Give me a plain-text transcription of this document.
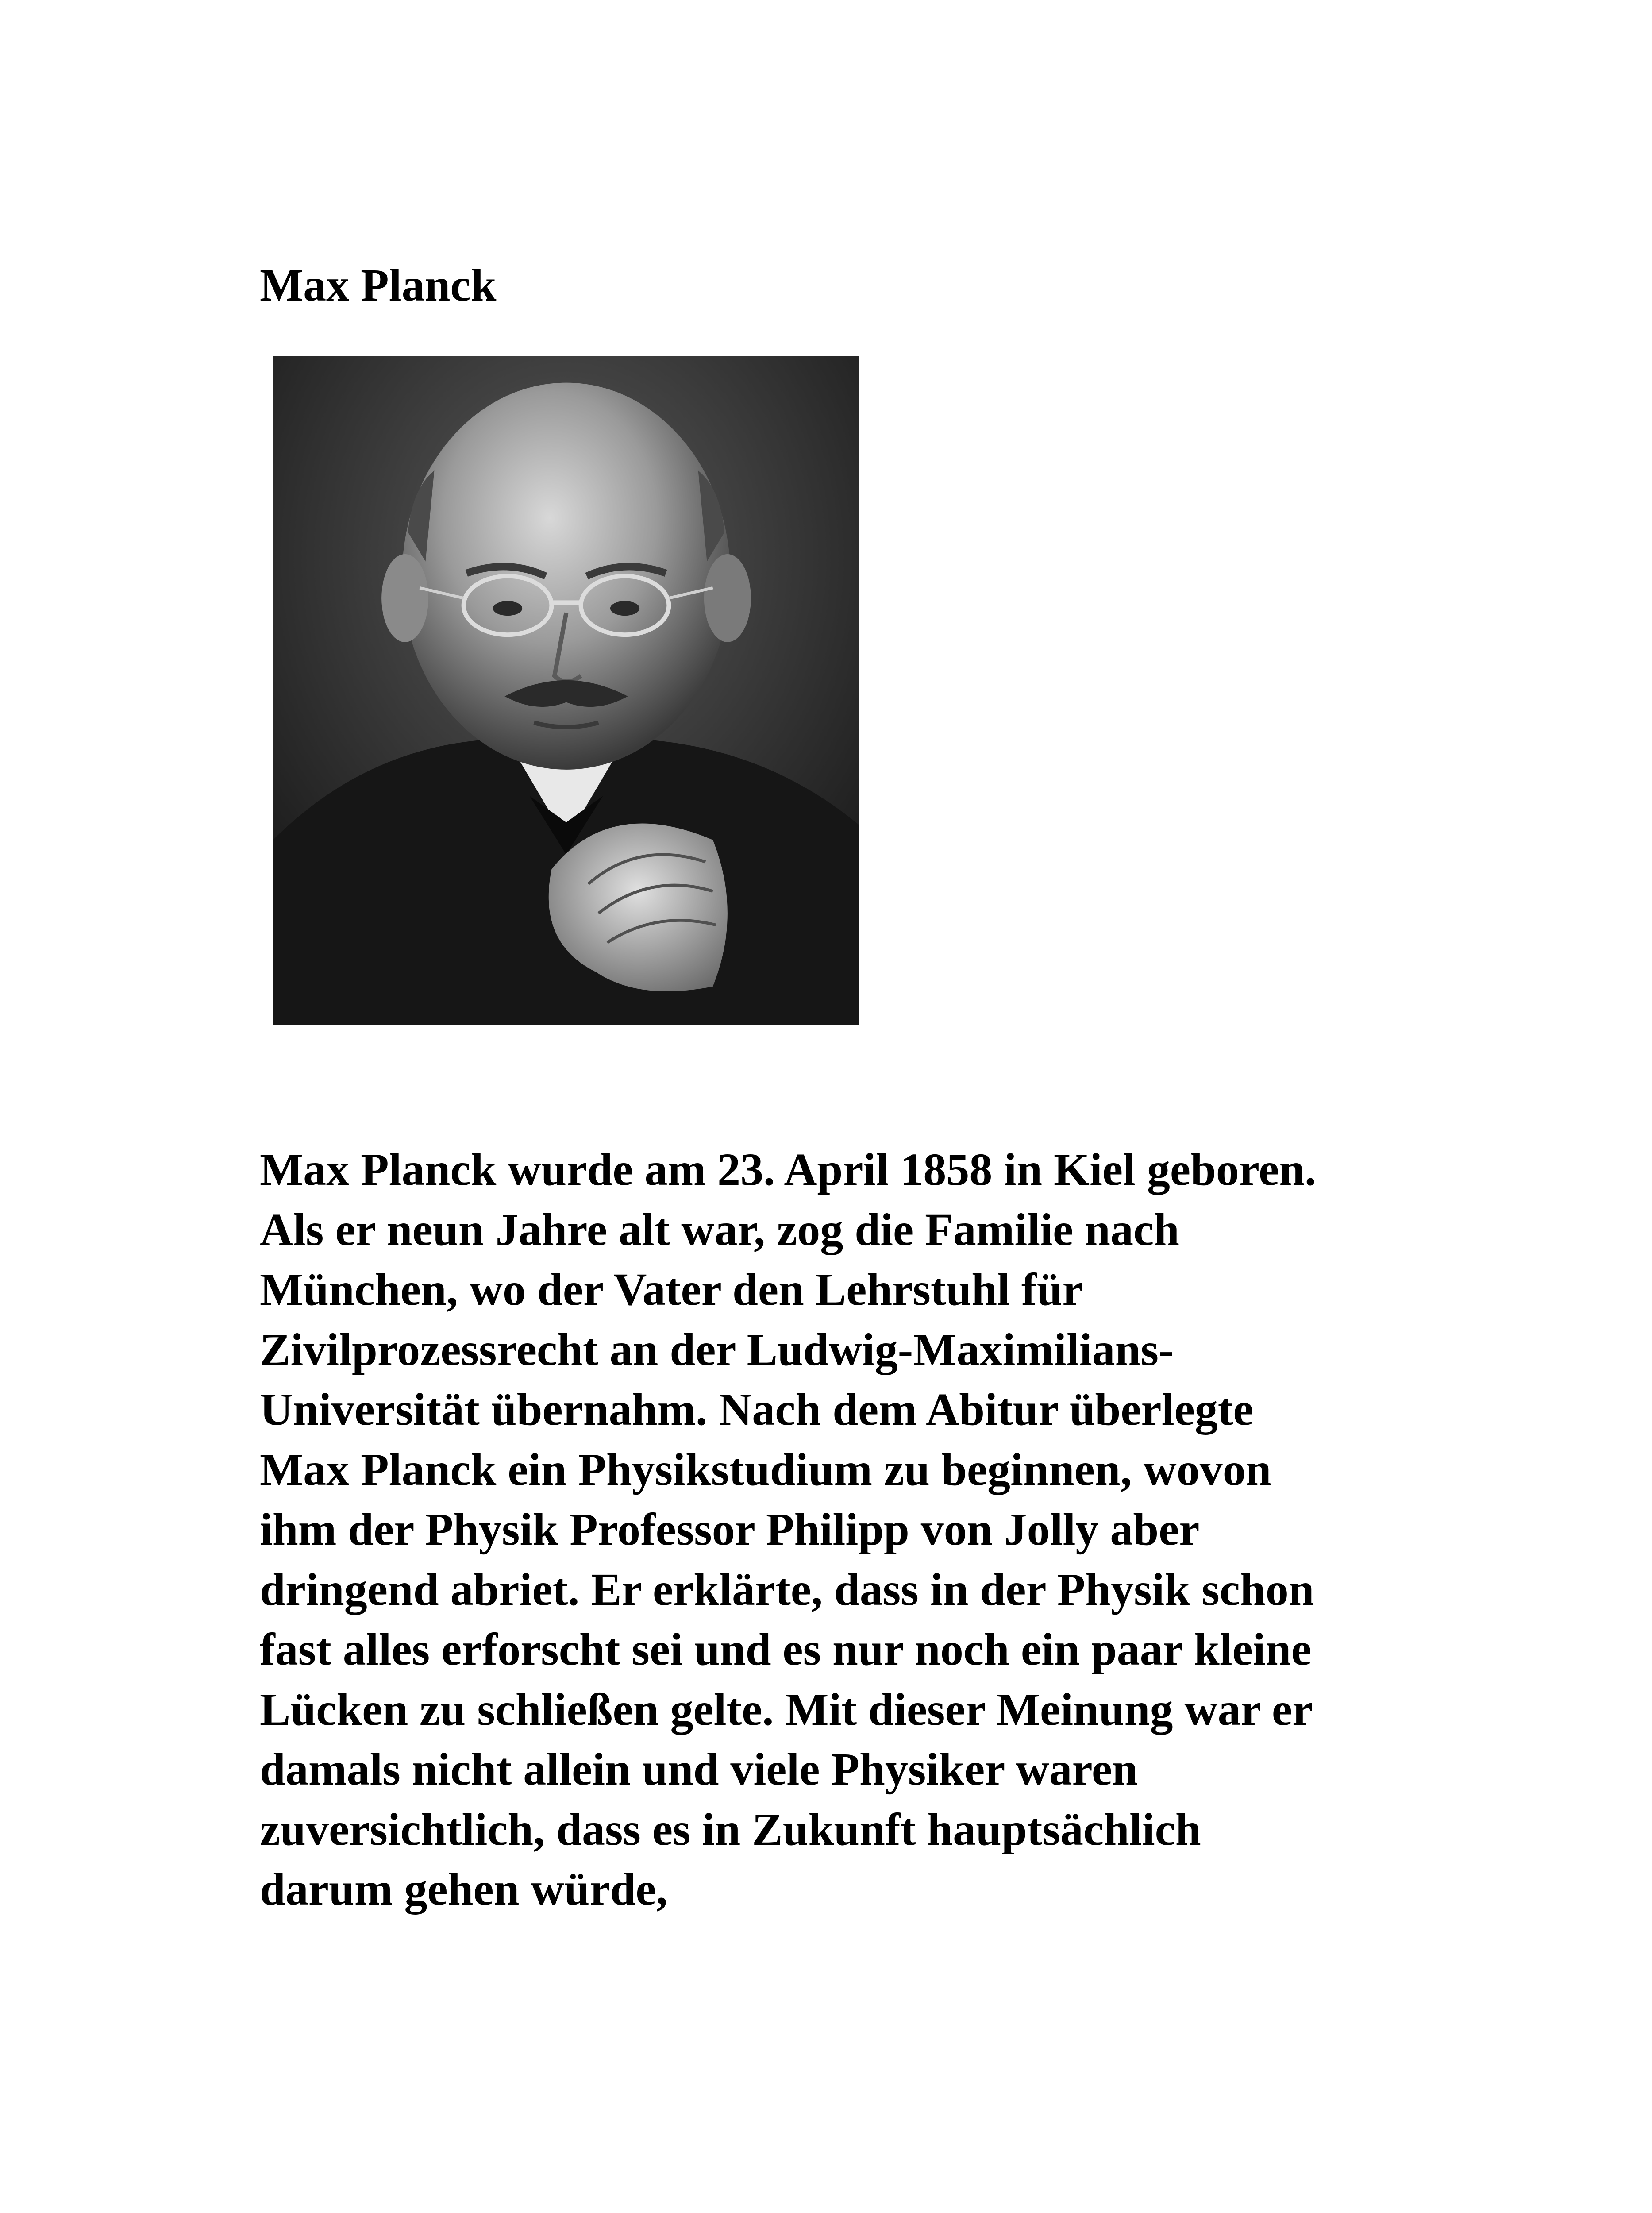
Max Planck

Max Planck wurde am 23. April 1858 in Kiel geboren.
Als er neun Jahre alt war, zog die Familie nach
München, wo der Vater den Lehrstuhl für
Zivilprozessrecht an der Ludwig-Maximilians-
Universität übernahm. Nach dem Abitur überlegte
Max Planck ein Physikstudium zu beginnen, wovon
ihm der Physik Professor Philipp von Jolly aber
dringend abriet. Er erklärte, dass in der Physik schon
fast alles erforscht sei und es nur noch ein paar kleine
Lücken zu schließen gelte. Mit dieser Meinung war er
damals nicht allein und viele Physiker waren
zuversichtlich, dass es in Zukunft hauptsächlich
darum gehen würde,
